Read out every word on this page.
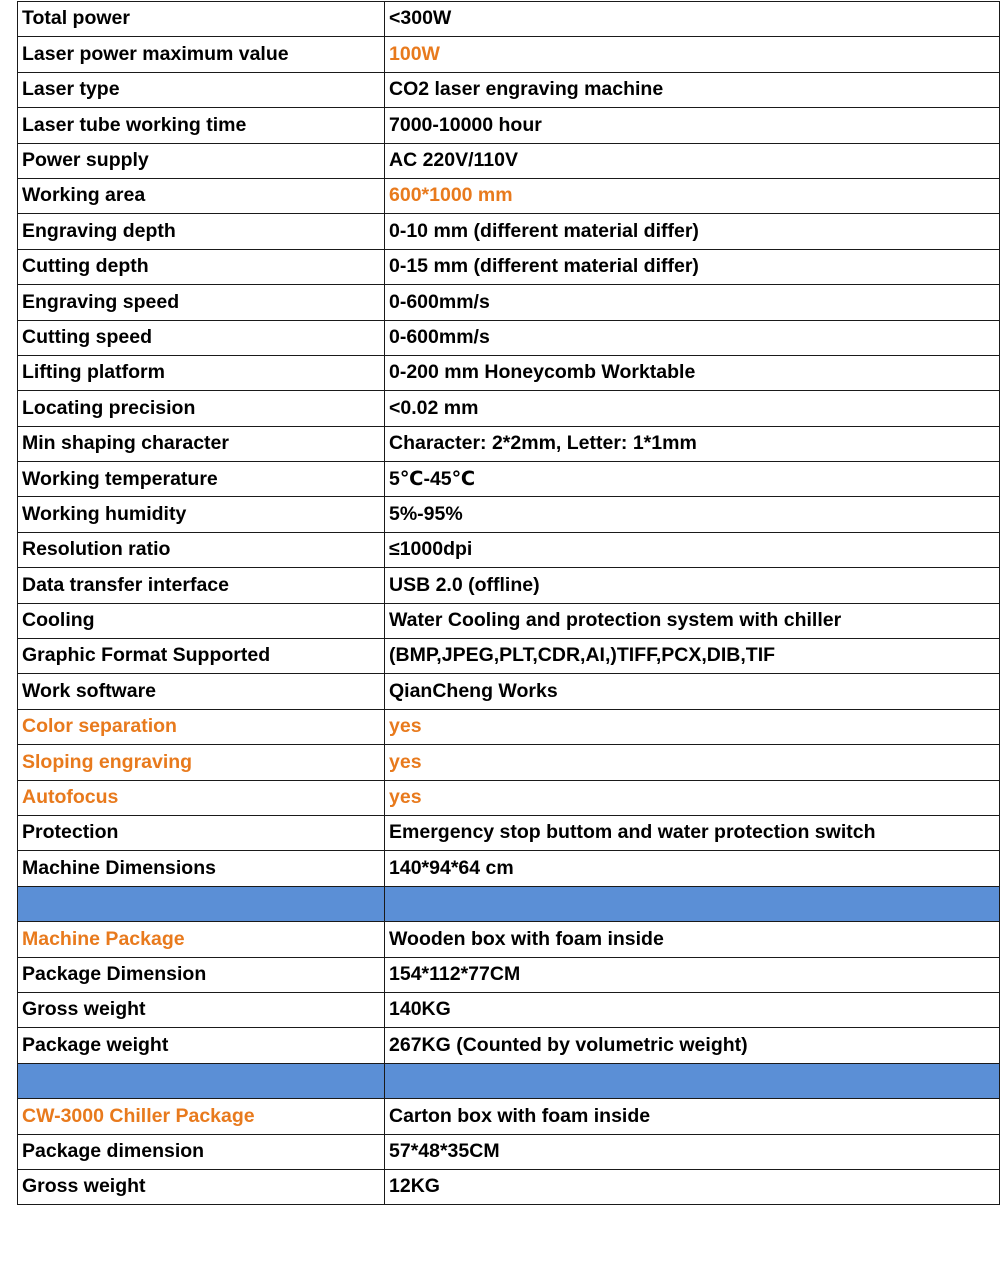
Total power	<300W
Laser power maximum value	100W
Laser type	CO2 laser engraving machine
Laser tube working time	7000-10000 hour
Power supply	AC 220V/110V
Working area	600*1000 mm
Engraving depth	0-10 mm (different material differ)
Cutting depth	0-15 mm (different material differ)
Engraving speed	0-600mm/s
Cutting speed	0-600mm/s
Lifting platform	0-200 mm Honeycomb Worktable
Locating precision	<0.02 mm
Min shaping character	Character: 2*2mm, Letter: 1*1mm
Working temperature	5℃-45℃
Working humidity	5%-95%
Resolution ratio	≤1000dpi
Data transfer interface	USB 2.0 (offline)
Cooling	Water Cooling and protection system with chiller
Graphic Format Supported	(BMP,JPEG,PLT,CDR,AI,)TIFF,PCX,DIB,TIF
Work software	QianCheng Works
Color separation	yes
Sloping engraving	yes
Autofocus	yes
Protection	Emergency stop buttom and water protection switch
Machine Dimensions	140*94*64 cm

Machine Package	Wooden box with foam inside
Package Dimension	154*112*77CM
Gross weight	140KG
Package weight	267KG (Counted by volumetric weight)

CW-3000 Chiller Package	Carton box with foam inside
Package dimension	57*48*35CM
Gross weight	12KG
